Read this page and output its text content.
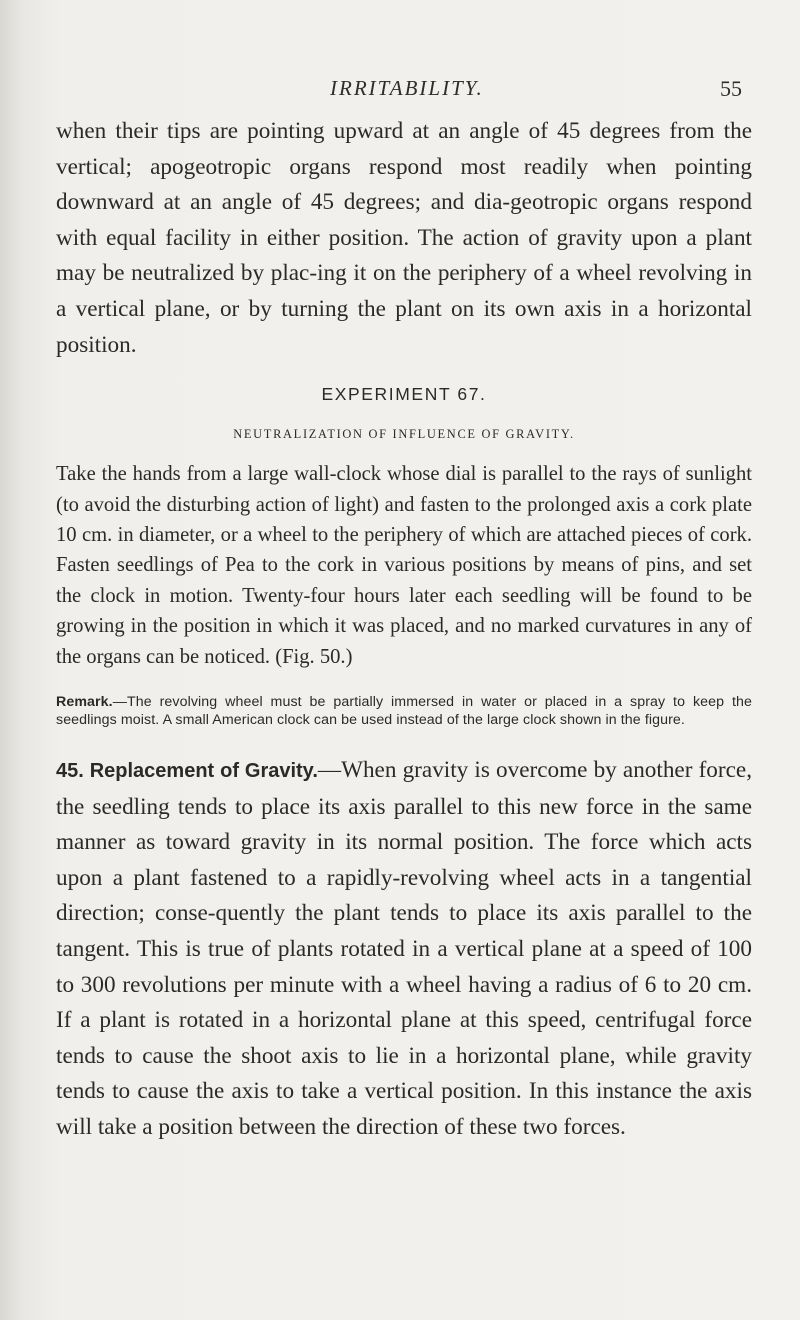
IRRITABILITY.	55

when their tips are pointing upward at an angle of 45 degrees from the vertical; apogeotropic organs respond most readily when pointing downward at an angle of 45 degrees; and dia-geotropic organs respond with equal facility in either position. The action of gravity upon a plant may be neutralized by plac-ing it on the periphery of a wheel revolving in a vertical plane, or by turning the plant on its own axis in a horizontal position.

EXPERIMENT 67.
NEUTRALIZATION OF INFLUENCE OF GRAVITY.

Take the hands from a large wall-clock whose dial is parallel to the rays of sunlight (to avoid the disturbing action of light) and fasten to the prolonged axis a cork plate 10 cm. in diameter, or a wheel to the periphery of which are attached pieces of cork. Fasten seedlings of Pea to the cork in various positions by means of pins, and set the clock in motion. Twenty-four hours later each seedling will be found to be growing in the position in which it was placed, and no marked curvatures in any of the organs can be noticed. (Fig. 50.)

Remark.—The revolving wheel must be partially immersed in water or placed in a spray to keep the seedlings moist. A small American clock can be used instead of the large clock shown in the figure.

45. Replacement of Gravity.—When gravity is overcome by another force, the seedling tends to place its axis parallel to this new force in the same manner as toward gravity in its normal position. The force which acts upon a plant fastened to a rapidly-revolving wheel acts in a tangential direction; conse-quently the plant tends to place its axis parallel to the tangent. This is true of plants rotated in a vertical plane at a speed of 100 to 300 revolutions per minute with a wheel having a radius of 6 to 20 cm. If a plant is rotated in a horizontal plane at this speed, centrifugal force tends to cause the shoot axis to lie in a horizontal plane, while gravity tends to cause the axis to take a vertical position. In this instance the axis will take a position between the direction of these two forces.
